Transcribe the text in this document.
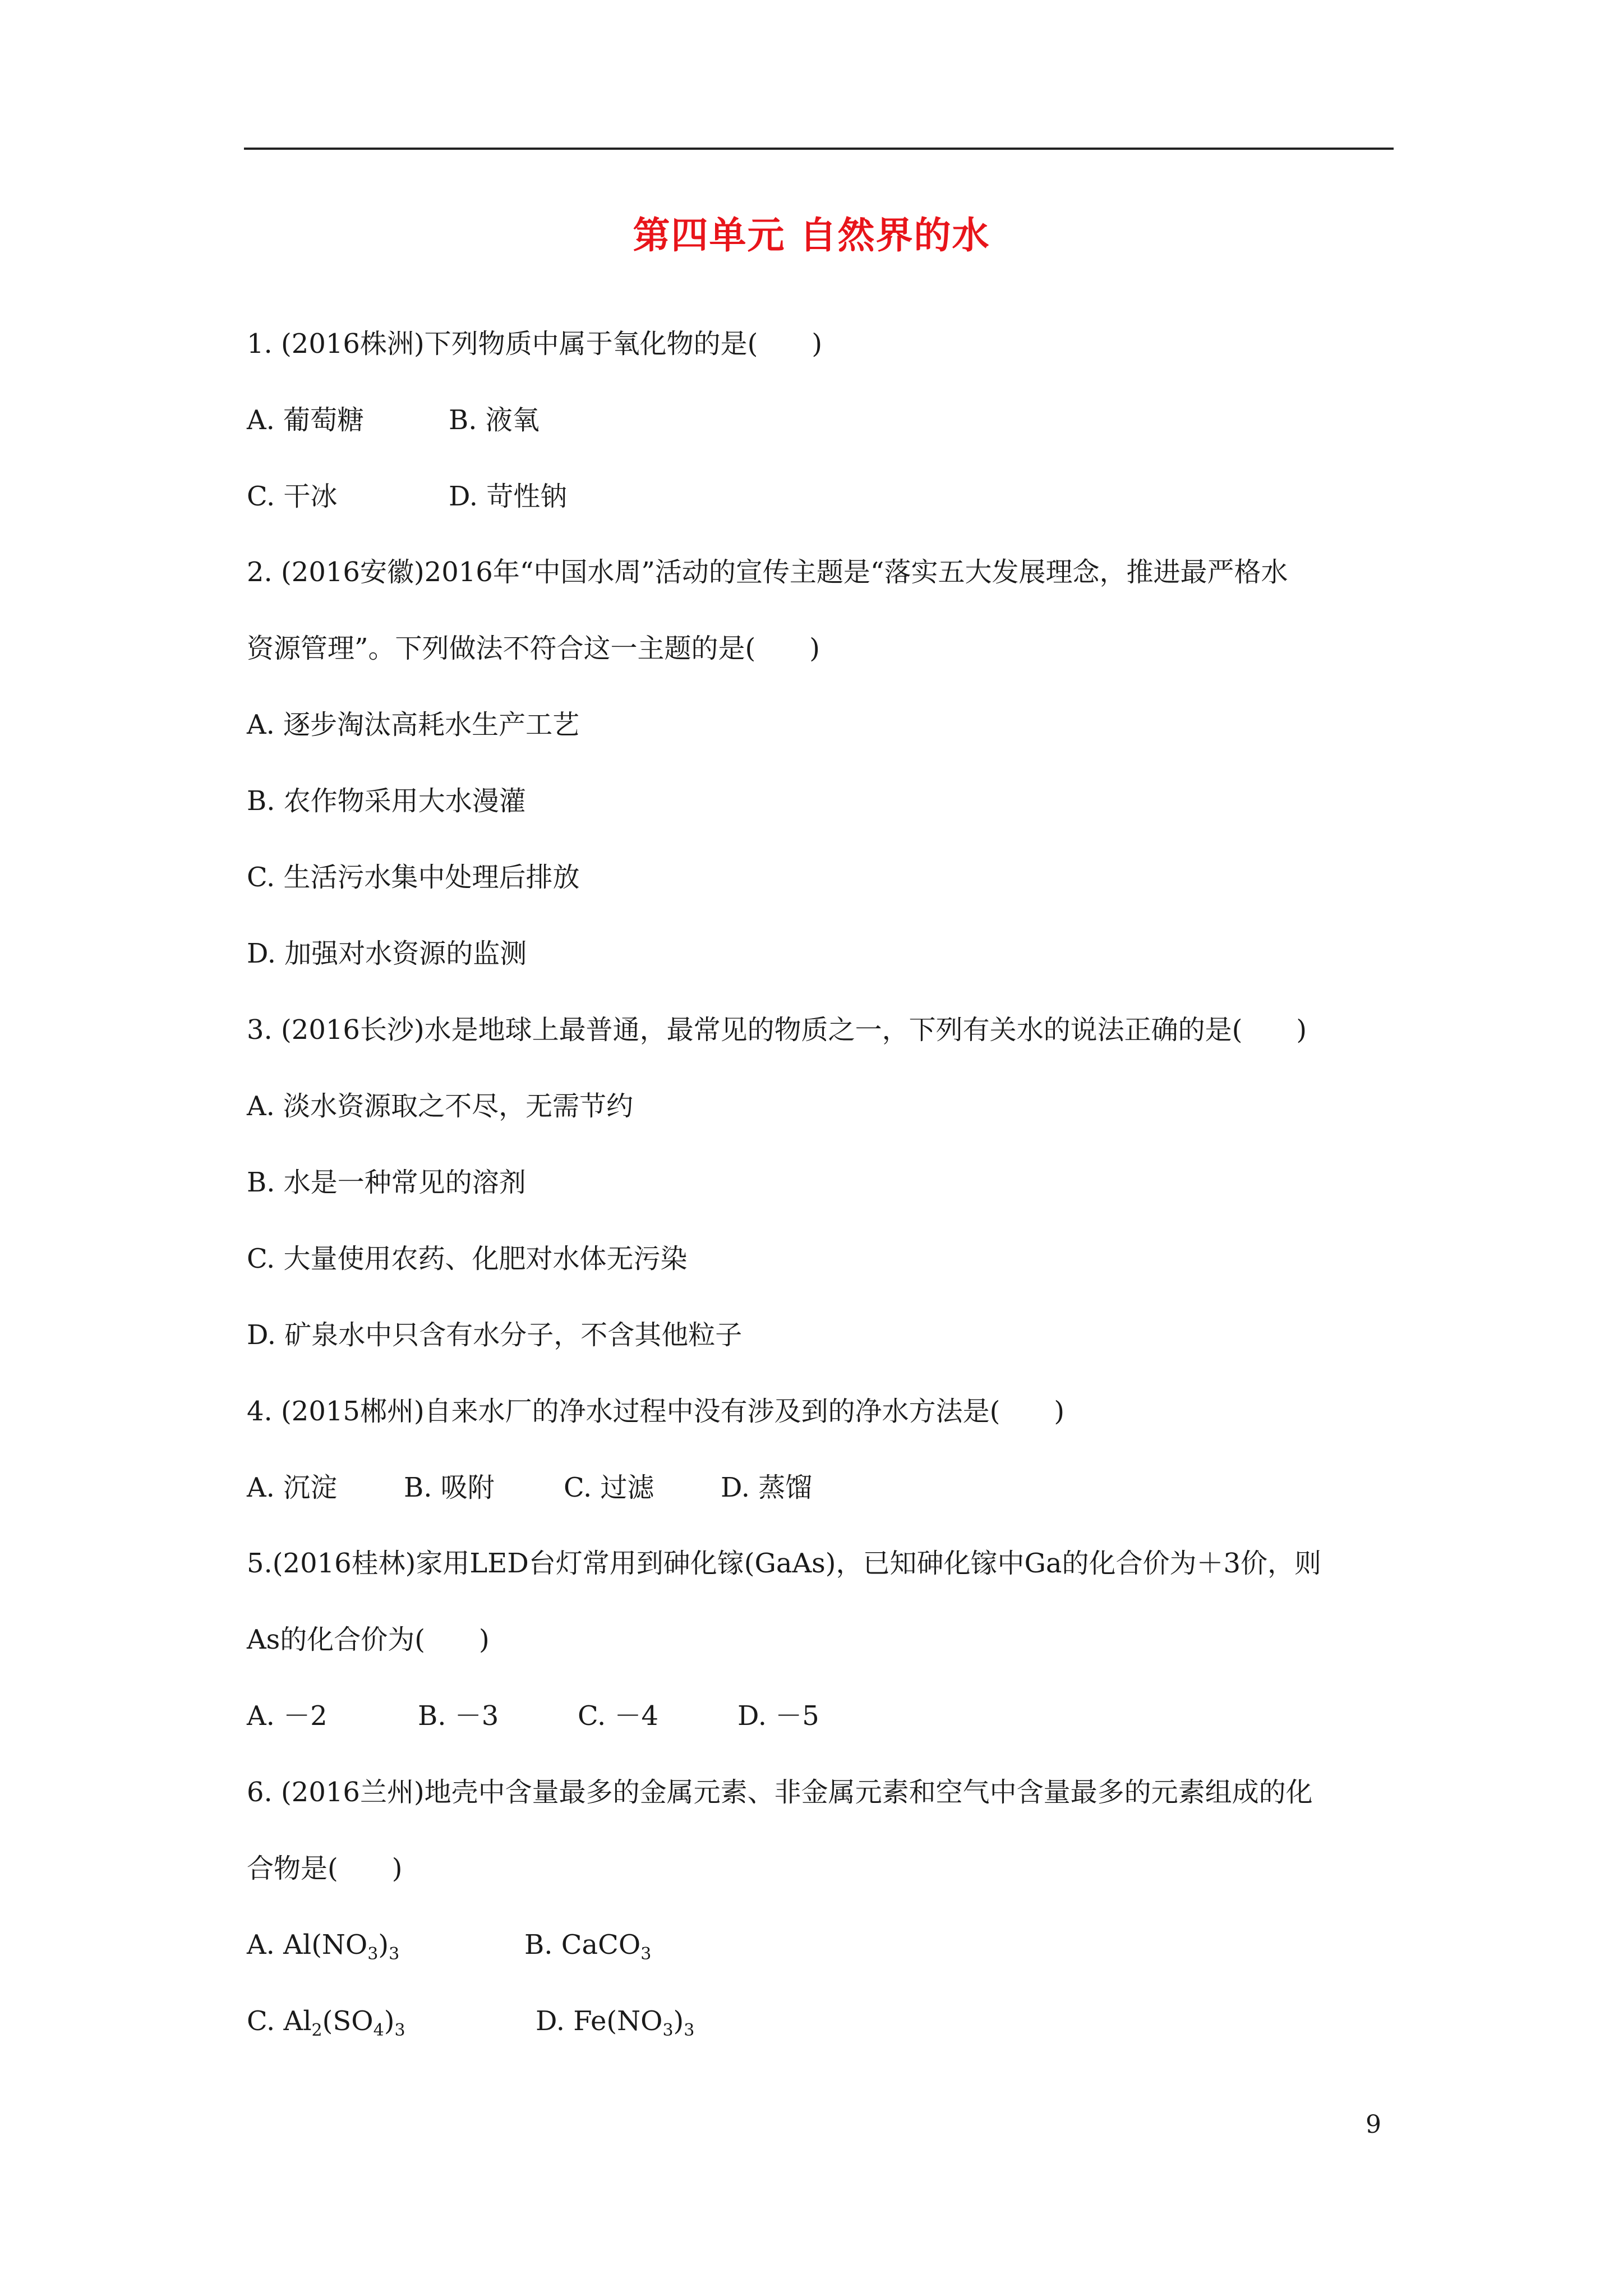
第四单元 自然界的水
1. (2016株洲)下列物质中属于氧化物的是(　　)
A. 葡萄糖	B. 液氧
C. 干冰	D. 苛性钠
2. (2016安徽)2016年“中国水周”活动的宣传主题是“落实五大发展理念，推进最严格水
资源管理”。下列做法不符合这一主题的是(　　)
A. 逐步淘汰高耗水生产工艺
B. 农作物采用大水漫灌
C. 生活污水集中处理后排放
D. 加强对水资源的监测
3. (2016长沙)水是地球上最普通，最常见的物质之一，下列有关水的说法正确的是(　　)
A. 淡水资源取之不尽，无需节约
B. 水是一种常见的溶剂
C. 大量使用农药、化肥对水体无污染
D. 矿泉水中只含有水分子，不含其他粒子
4. (2015郴州)自来水厂的净水过程中没有涉及到的净水方法是(　　)
A. 沉淀 B. 吸附	C. 过滤 D. 蒸馏
5.(2016桂林)家用LED台灯常用到砷化镓(GaAs)，已知砷化镓中Ga的化合价为＋3价，则
As的化合价为(　　)
A. －2	B. －3	C. －4	D. －5
6. (2016兰州)地壳中含量最多的金属元素、非金属元素和空气中含量最多的元素组成的化
合物是(　　)
A. $Al(NO_3)_3$	B. CaCO$_3$
C. $Al_2(SO_4)_3$	D. $Fe(NO_3)_3$
9
